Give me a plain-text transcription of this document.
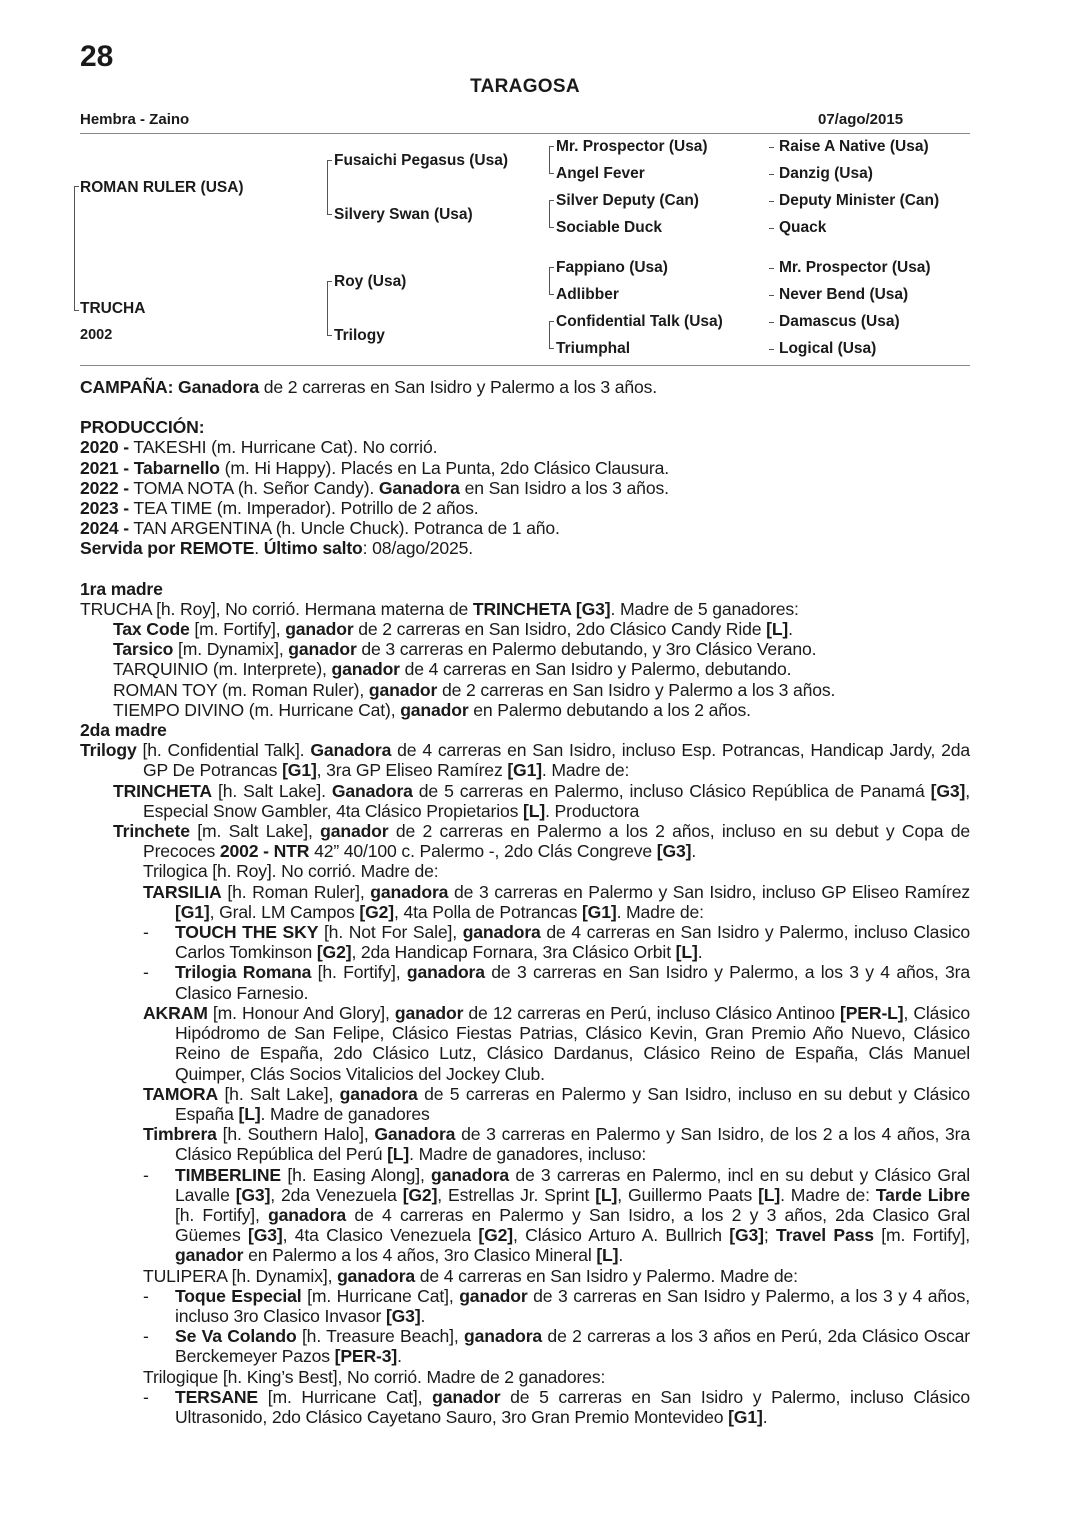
28
TARAGOSA
Hembra - Zaino	07/ago/2015
ROMAN RULER (USA)
TRUCHA
2002
Fusaichi Pegasus (Usa)
Silvery Swan (Usa)
Roy (Usa)
Trilogy
Mr. Prospector (Usa)
Angel Fever
Silver Deputy (Can)
Sociable Duck
Fappiano (Usa)
Adlibber
Confidential Talk (Usa)
Triumphal
Raise A Native (Usa)
Danzig (Usa)
Deputy Minister (Can)
Quack
Mr. Prospector (Usa)
Never Bend (Usa)
Damascus (Usa)
Logical (Usa)

CAMPAÑA: Ganadora de 2 carreras en San Isidro y Palermo a los 3 años.

PRODUCCIÓN:

2020 - TAKESHI (m. Hurricane Cat). No corrió.

2021 - Tabarnello (m. Hi Happy). Placés en La Punta, 2do Clásico Clausura.

2022 - TOMA NOTA (h. Señor Candy). Ganadora en San Isidro a los 3 años.

2023 - TEA TIME (m. Imperador). Potrillo de 2 años.

2024 - TAN ARGENTINA (h. Uncle Chuck). Potranca de 1 año.

Servida por REMOTE. Último salto: 08/ago/2025.

1ra madre

TRUCHA [h. Roy], No corrió. Hermana materna de TRINCHETA [G3]. Madre de 5 ganadores:

Tax Code [m. Fortify], ganador de 2 carreras en San Isidro, 2do Clásico Candy Ride [L].

Tarsico [m. Dynamix], ganador de 3 carreras en Palermo debutando, y 3ro Clásico Verano.

TARQUINIO (m. Interprete), ganador de 4 carreras en San Isidro y Palermo, debutando.

ROMAN TOY (m. Roman Ruler), ganador de 2 carreras en San Isidro y Palermo a los 3 años.

TIEMPO DIVINO (m. Hurricane Cat), ganador en Palermo debutando a los 2 años.

2da madre

Trilogy [h. Confidential Talk]. Ganadora de 4 carreras en San Isidro, incluso Esp. Potrancas, Handicap Jardy, 2da GP De Potrancas [G1], 3ra GP Eliseo Ramírez [G1]. Madre de:

TRINCHETA [h. Salt Lake]. Ganadora de 5 carreras en Palermo, incluso Clásico República de Panamá [G3], Especial Snow Gambler, 4ta Clásico Propietarios [L]. Productora

Trinchete [m. Salt Lake], ganador de 2 carreras en Palermo a los 2 años, incluso en su debut y Copa de Precoces 2002 - NTR 42” 40/100 c. Palermo -, 2do Clás Congreve [G3].

Trilogica [h. Roy]. No corrió. Madre de:

TARSILIA [h. Roman Ruler], ganadora de 3 carreras en Palermo y San Isidro, incluso GP Eliseo Ramírez [G1], Gral. LM Campos [G2], 4ta Polla de Potrancas [G1]. Madre de:

- TOUCH THE SKY [h. Not For Sale], ganadora de 4 carreras en San Isidro y Palermo, incluso Clasico Carlos Tomkinson [G2], 2da Handicap Fornara, 3ra Clásico Orbit [L].

- Trilogia Romana [h. Fortify], ganadora de 3 carreras en San Isidro y Palermo, a los 3 y 4 años, 3ra Clasico Farnesio.

AKRAM [m. Honour And Glory], ganador de 12 carreras en Perú, incluso Clásico Antinoo [PER-L], Clásico Hipódromo de San Felipe, Clásico Fiestas Patrias, Clásico Kevin, Gran Premio Año Nuevo, Clásico Reino de España, 2do Clásico Lutz, Clásico Dardanus, Clásico Reino de España, Clás Manuel Quimper, Clás Socios Vitalicios del Jockey Club.

TAMORA [h. Salt Lake], ganadora de 5 carreras en Palermo y San Isidro, incluso en su debut y Clásico España [L]. Madre de ganadores

Timbrera [h. Southern Halo], Ganadora de 3 carreras en Palermo y San Isidro, de los 2 a los 4 años, 3ra Clásico República del Perú [L]. Madre de ganadores, incluso:

- TIMBERLINE [h. Easing Along], ganadora de 3 carreras en Palermo, incl en su debut y Clásico Gral Lavalle [G3], 2da Venezuela [G2], Estrellas Jr. Sprint [L], Guillermo Paats [L]. Madre de: Tarde Libre [h. Fortify], ganadora de 4 carreras en Palermo y San Isidro, a los 2 y 3 años, 2da Clasico Gral Güemes [G3], 4ta Clasico Venezuela [G2], Clásico Arturo A. Bullrich [G3]; Travel Pass [m. Fortify], ganador en Palermo a los 4 años, 3ro Clasico Mineral [L].

TULIPERA [h. Dynamix], ganadora de 4 carreras en San Isidro y Palermo. Madre de:

- Toque Especial [m. Hurricane Cat], ganador de 3 carreras en San Isidro y Palermo, a los 3 y 4 años, incluso 3ro Clasico Invasor [G3].

- Se Va Colando [h. Treasure Beach], ganadora de 2 carreras a los 3 años en Perú, 2da Clásico Oscar Berckemeyer Pazos [PER-3].

Trilogique [h. King’s Best], No corrió. Madre de 2 ganadores:

- TERSANE [m. Hurricane Cat], ganador de 5 carreras en San Isidro y Palermo, incluso Clásico Ultrasonido, 2do Clásico Cayetano Sauro, 3ro Gran Premio Montevideo [G1].
